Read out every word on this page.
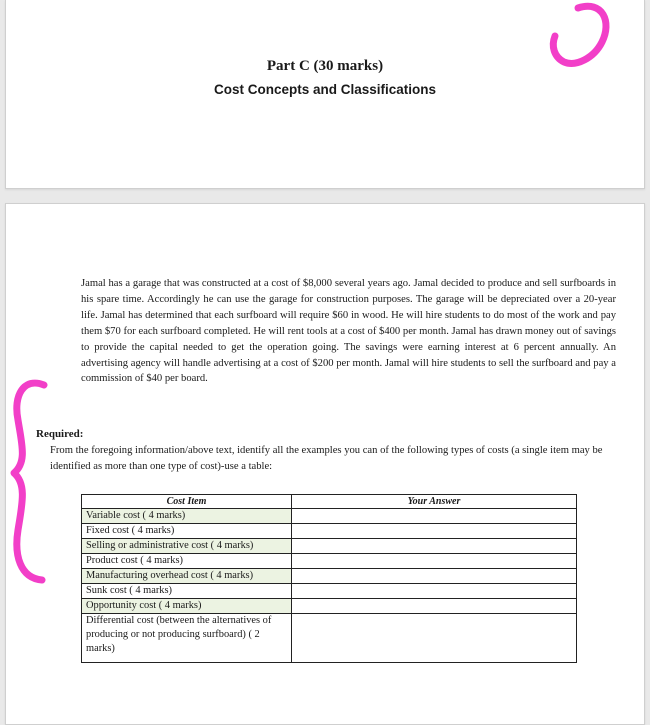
Part C (30 marks)
Cost Concepts and Classifications

Jamal has a garage that was constructed at a cost of $8,000 several years ago. Jamal decided to produce and sell surfboards in his spare time. Accordingly he can use the garage for construction purposes. The garage will be depreciated over a 20-year life. Jamal has determined that each surfboard will require $60 in wood. He will hire students to do most of the work and pay them $70 for each surfboard completed. He will rent tools at a cost of $400 per month. Jamal has drawn money out of savings to provide the capital needed to get the operation going. The savings were earning interest at 6 percent annually. An advertising agency will handle advertising at a cost of $200 per month. Jamal will hire students to sell the surfboard and pay a commission of $40 per board.

Required:

From the foregoing information/above text, identify all the examples you can of the following types of costs (a single item may be identified as more than one type of cost)-use a table:

Cost Item	Your Answer
Variable cost ( 4 marks)	
Fixed cost ( 4 marks)	
Selling or administrative cost ( 4 marks)	
Product cost ( 4 marks)	
Manufacturing overhead cost ( 4 marks)	
Sunk cost ( 4 marks)	
Opportunity cost ( 4 marks)	
Differential cost (between the alternatives of producing or not producing surfboard) ( 2 marks)	
